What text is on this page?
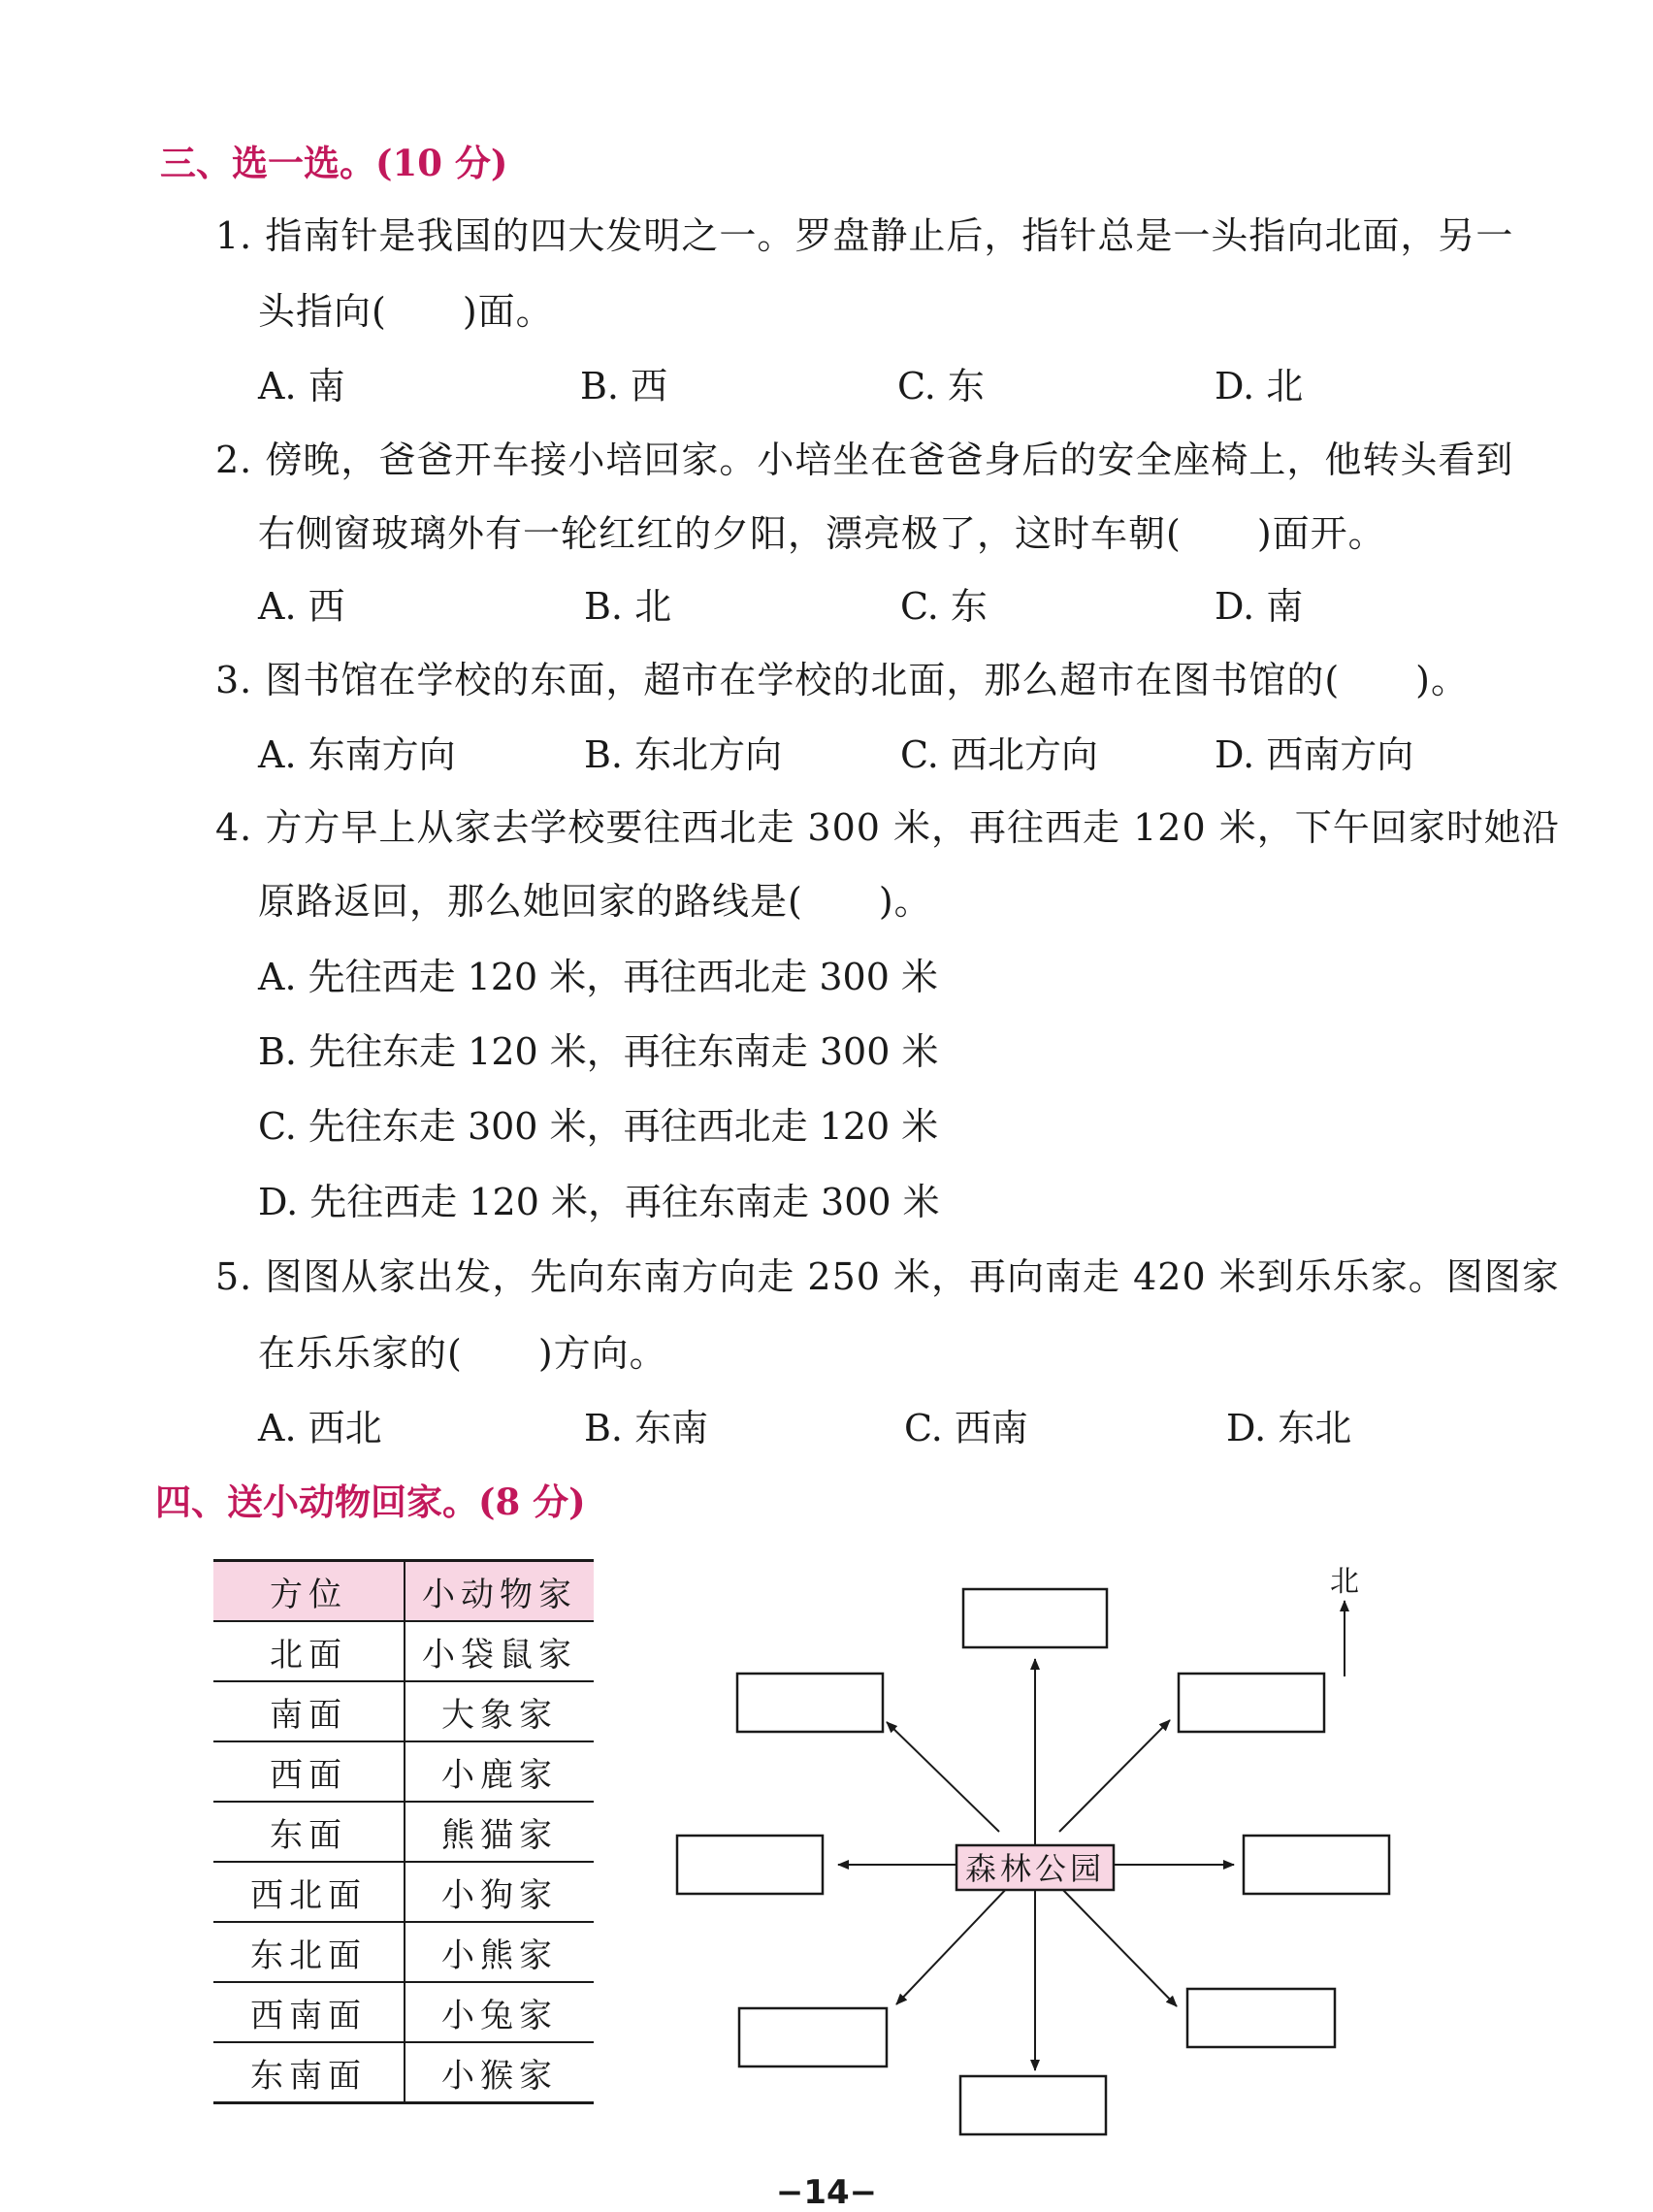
三、选一选。(10 分)
1. 指南针是我国的四大发明之一。罗盘静止后，指针总是一头指向北面，另一
头指向(　　)面。
A. 南	B. 西	C. 东	D. 北
2. 傍晚，爸爸开车接小培回家。小培坐在爸爸身后的安全座椅上，他转头看到
右侧窗玻璃外有一轮红红的夕阳，漂亮极了，这时车朝(　　)面开。
A. 西	B. 北	C. 东	D. 南
3. 图书馆在学校的东面，超市在学校的北面，那么超市在图书馆的(　　)。
A. 东南方向	B. 东北方向	C. 西北方向	D. 西南方向
4. 方方早上从家去学校要往西北走 300 米，再往西走 120 米，下午回家时她沿
原路返回，那么她回家的路线是(　　)。
A. 先往西走 120 米，再往西北走 300 米
B. 先往东走 120 米，再往东南走 300 米
C. 先往东走 300 米，再往西北走 120 米
D. 先往西走 120 米，再往东南走 300 米
5. 图图从家出发，先向东南方向走 250 米，再向南走 420 米到乐乐家。图图家
在乐乐家的(　　)方向。
A. 西北	B. 东南	C. 西南	D. 东北
四、送小动物回家。(8 分)
方位	小动物家
北面	小袋鼠家
南面	大象家
西面	小鹿家
东面	熊猫家
西北面	小狗家
东北面	小熊家
西南面	小兔家
东南面	小猴家
森林公园
北
−14−
